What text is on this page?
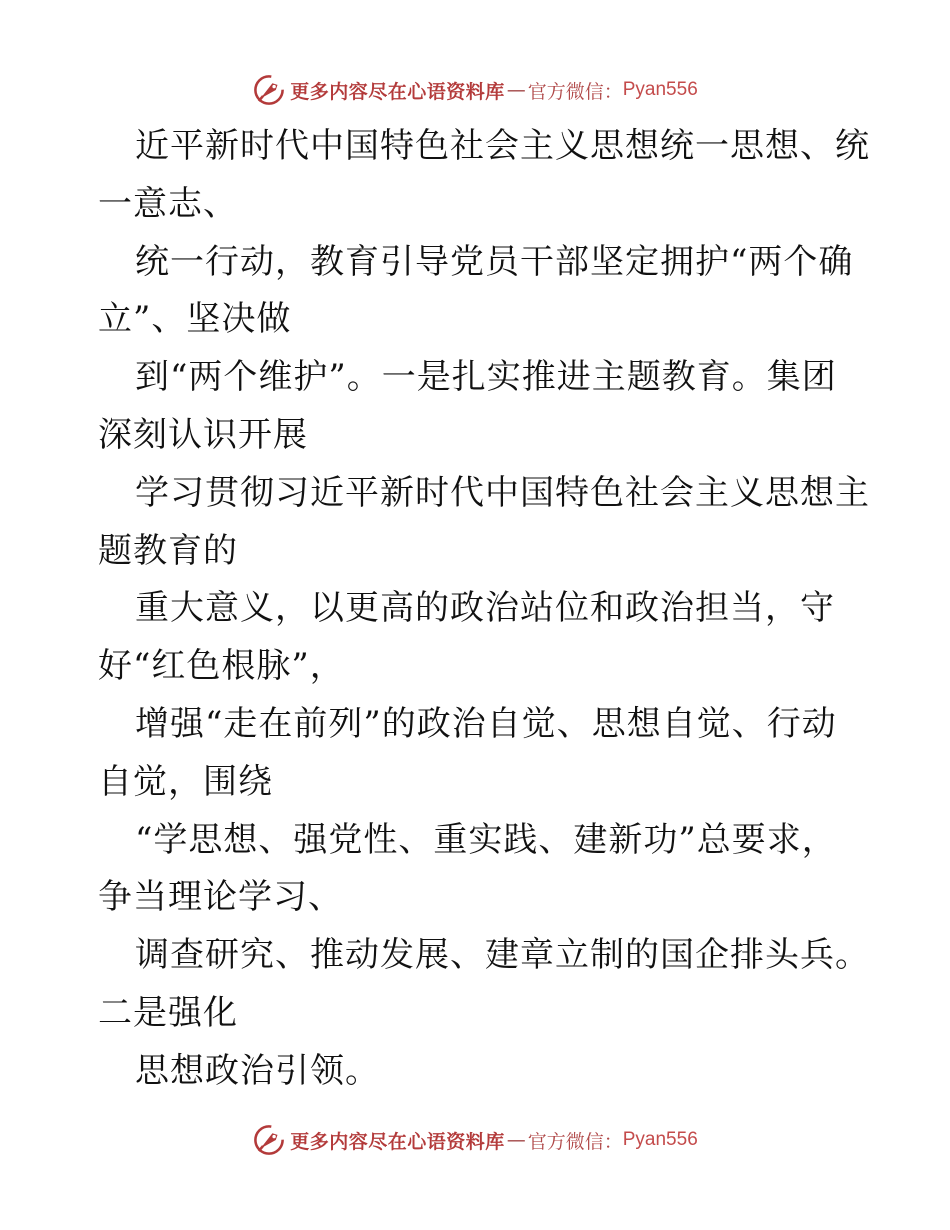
更多内容尽在心语资料库 — 官方微信： Pyan556
近平新时代中国特色社会主义思想统一思想、统
一意志、
统一行动，教育引导党员干部坚定拥护“两个确
立”、坚决做
到“两个维护”。一是扎实推进主题教育。集团
深刻认识开展
学习贯彻习近平新时代中国特色社会主义思想主
题教育的
重大意义，以更高的政治站位和政治担当，守
好“红色根脉”，
增强“走在前列”的政治自觉、思想自觉、行动
自觉，围绕
“学思想、强党性、重实践、建新功”总要求，
争当理论学习、
调查研究、推动发展、建章立制的国企排头兵。
二是强化
思想政治引领。
更多内容尽在心语资料库 — 官方微信： Pyan556
